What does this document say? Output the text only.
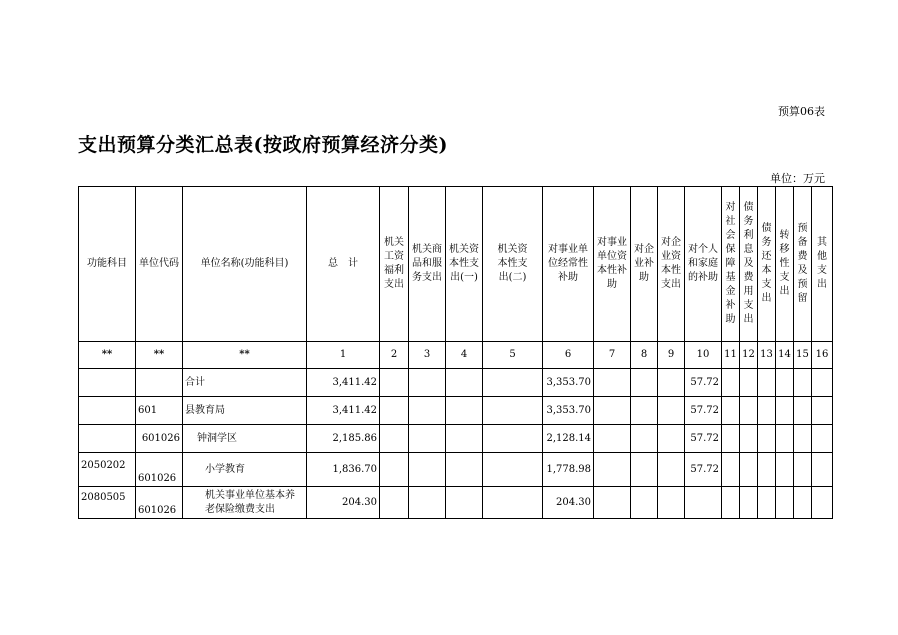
预算06表
支出预算分类汇总表(按政府预算经济分类)
单位：万元
功能科目	单位代码	单位名称(功能科目)	总　计	机关工资福利支出	机关商品和服务支出	机关资本性支出(一)	机关资本性支出(二)	对事业单位经常性补助	对事业单位资本性补助	对企业补助	对企业资本性支出	对个人和家庭的补助	对社会保障基金补助	债务利息及费用支出	债务还本支出	转移性支出	预备费及预留	其他支出
**	**	**	1	2	3	4	5	6	7	8	9	10	11	12	13	14	15	16
		合计	3,411.42					3,353.70				57.72						
	601	县教育局	3,411.42					3,353.70				57.72						
	601026	钟洞学区	2,185.86					2,128.14				57.72						
2050202	601026	小学教育	1,836.70					1,778.98				57.72						
2080505	601026	机关事业单位基本养老保险缴费支出	204.30					204.30										
